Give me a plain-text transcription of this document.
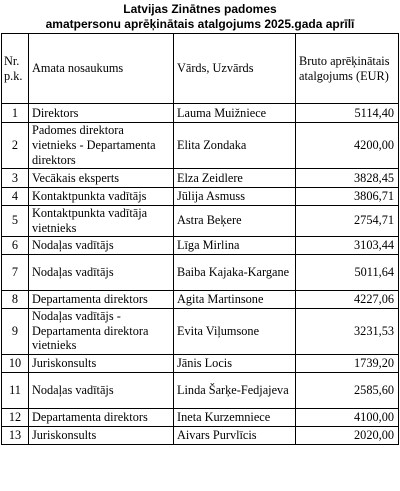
Latvijas Zinātnes padomes
amatpersonu aprēķinātais atalgojums 2025.gada aprīlī
Nr. p.k.	Amata nosaukums	Vārds, Uzvārds	Bruto aprēķinātais atalgojums (EUR)
1	Direktors	Lauma Muižniece	5114,40
2	Padomes direktora vietnieks - Departamenta direktors	Elita Zondaka	4200,00
3	Vecākais eksperts	Elza Zeidlere	3828,45
4	Kontaktpunkta vadītājs	Jūlija Asmuss	3806,71
5	Kontaktpunkta vadītāja vietnieks	Astra Beķere	2754,71
6	Nodaļas vadītājs	Līga Mirlina	3103,44
7	Nodaļas vadītājs	Baiba Kajaka-Kargane	5011,64
8	Departamenta direktors	Agita Martinsone	4227,06
9	Nodaļas vadītājs - Departamenta direktora vietnieks	Evita Viļumsone	3231,53
10	Juriskonsults	Jānis Locis	1739,20
11	Nodaļas vadītājs	Linda Šarķe-Fedjajeva	2585,60
12	Departamenta direktors	Ineta Kurzemniece	4100,00
13	Juriskonsults	Aivars Purvlīcis	2020,00
